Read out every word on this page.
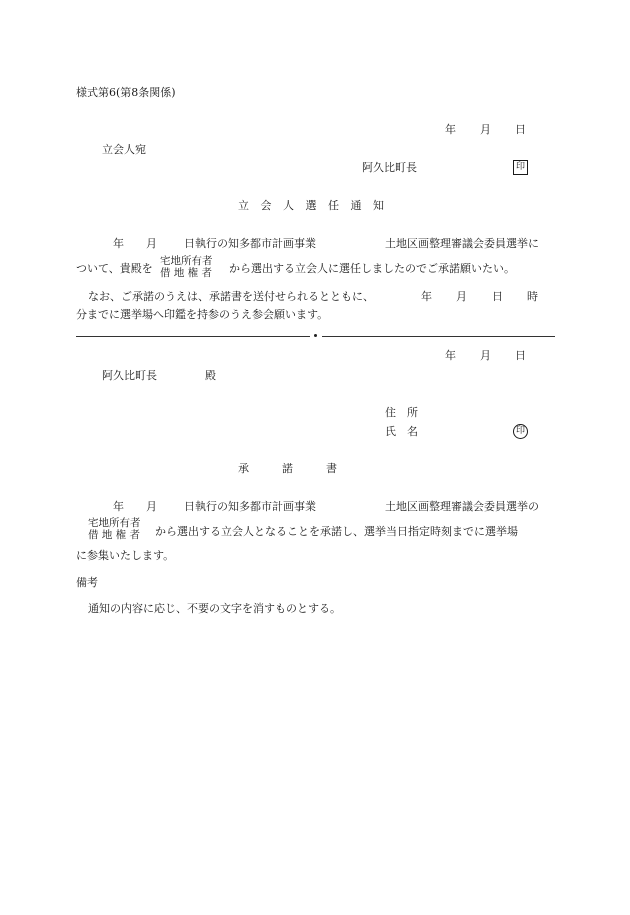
様式第6(第8条関係)
年 月 日
立会人宛
阿久比町長	印
立 会 人 選 任 通 知
年 月 日執行の知多都市計画事業	土地区画整理審議会委員選挙に
ついて、貴殿を
宅地所有者
借 地 権 者 から選出する立会人に選任しましたのでご承諾願いたい。
なお、ご承諾のうえは、承諾書を送付せられるとともに、	年 月 日 時
分までに選挙場へ印鑑を持参のうえ参会願います。
年 月 日
阿久比町長	殿
住　所
氏　名	印
承　　　諾　　　書
年 月 日執行の知多都市計画事業	土地区画整理審議会委員選挙の
宅地所有者
借 地 権 者 から選出する立会人となることを承諾し、選挙当日指定時刻までに選挙場
に参集いたします。
備考
通知の内容に応じ、不要の文字を消すものとする。
